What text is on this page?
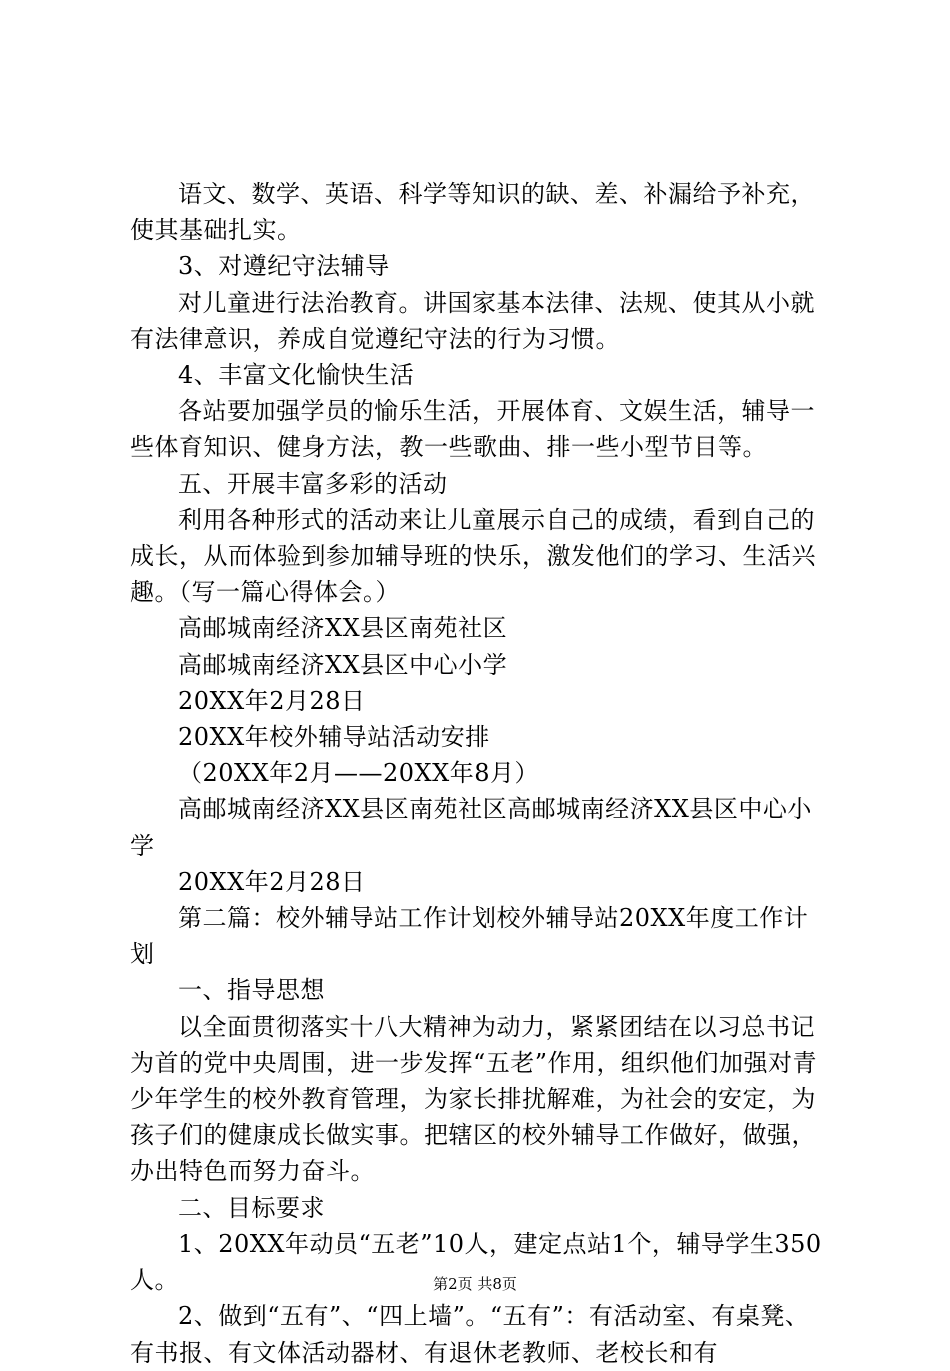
语文、数学、英语、科学等知识的缺、差、补漏给予补充，使其基础扎实。

3、对遵纪守法辅导

对儿童进行法治教育。讲国家基本法律、法规、使其从小就有法律意识，养成自觉遵纪守法的行为习惯。

4、丰富文化愉快生活

各站要加强学员的愉乐生活，开展体育、文娱生活，辅导一些体育知识、健身方法，教一些歌曲、排一些小型节目等。

五、开展丰富多彩的活动

利用各种形式的活动来让儿童展示自己的成绩，看到自己的成长，从而体验到参加辅导班的快乐，激发他们的学习、生活兴趣。（写一篇心得体会。）

高邮城南经济XX县区南苑社区

高邮城南经济XX县区中心小学

20XX年2月28日

20XX年校外辅导站活动安排

（20XX年2月——20XX年8月）

高邮城南经济XX县区南苑社区高邮城南经济XX县区中心小学

20XX年2月28日

第二篇：校外辅导站工作计划校外辅导站20XX年度工作计划

一、指导思想

以全面贯彻落实十八大精神为动力，紧紧团结在以习总书记为首的党中央周围，进一步发挥“五老”作用，组织他们加强对青少年学生的校外教育管理，为家长排扰解难，为社会的安定，为孩子们的健康成长做实事。把辖区的校外辅导工作做好，做强，办出特色而努力奋斗。

二、目标要求

1、20XX年动员“五老”10人，建定点站1个，辅导学生350人。

2、做到“五有”、“四上墙”。“五有”：有活动室、有桌凳、有书报、有文体活动器材、有退休老教师、老校长和有

第2页 共8页
